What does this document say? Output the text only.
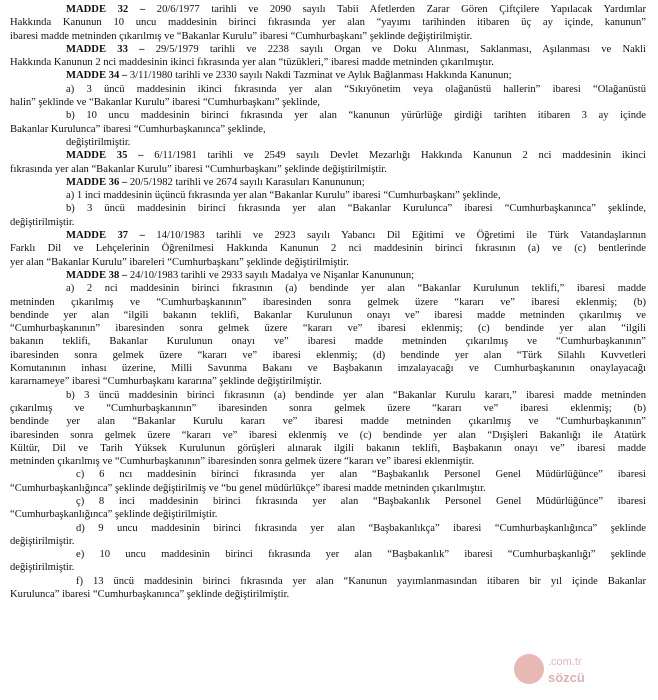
MADDE 32 – 20/6/1977 tarihli ve 2090 sayılı Tabii Afetlerden Zarar Gören Çiftçilere Yapılacak Yardımlar
Hakkında Kanunun 10 uncu maddesinin birinci fıkrasında yer alan “yayımı tarihinden itibaren üç ay içinde, kanunun”
ibaresi madde metninden çıkarılmış ve “Bakanlar Kurulu” ibaresi “Cumhurbaşkanı” şeklinde değiştirilmiştir.
MADDE 33 – 29/5/1979 tarihli ve 2238 sayılı Organ ve Doku Alınması, Saklanması, Aşılanması ve Nakli
Hakkında Kanunun 2 nci maddesinin ikinci fıkrasında yer alan “tüzükleri,” ibaresi madde metninden çıkarılmıştır.
MADDE 34 – 3/11/1980 tarihli ve 2330 sayılı Nakdi Tazminat ve Aylık Bağlanması Hakkında Kanunun;
a) 3 üncü maddesinin ikinci fıkrasında yer alan “Sıkıyönetim veya olağanüstü hallerin” ibaresi “Olağanüstü
halin” şeklinde ve “Bakanlar Kurulu” ibaresi “Cumhurbaşkanı” şeklinde,
b) 10 uncu maddesinin birinci fıkrasında yer alan “kanunun yürürlüğe girdiği tarihten itibaren 3 ay içinde
Bakanlar Kurulunca” ibaresi “Cumhurbaşkanınca” şeklinde,
değiştirilmiştir.
MADDE 35 – 6/11/1981 tarihli ve 2549 sayılı Devlet Mezarlığı Hakkında Kanunun 2 nci maddesinin ikinci
fıkrasında yer alan “Bakanlar Kurulu” ibaresi “Cumhurbaşkanı” şeklinde değiştirilmiştir.
MADDE 36 – 20/5/1982 tarihli ve 2674 sayılı Karasuları Kanununun;
a) 1 inci maddesinin üçüncü fıkrasında yer alan “Bakanlar Kurulu” ibaresi “Cumhurbaşkanı” şeklinde,
b) 3 üncü maddesinin birinci fıkrasında yer alan “Bakanlar Kurulunca” ibaresi “Cumhurbaşkanınca” şeklinde,
değiştirilmiştir.
MADDE 37 – 14/10/1983 tarihli ve 2923 sayılı Yabancı Dil Eğitimi ve Öğretimi ile Türk Vatandaşlarının
Farklı Dil ve Lehçelerinin Öğrenilmesi Hakkında Kanunun 2 nci maddesinin birinci fıkrasının (a) ve (c) bentlerinde
yer alan “Bakanlar Kurulu” ibareleri “Cumhurbaşkanı” şeklinde değiştirilmiştir.
MADDE 38 – 24/10/1983 tarihli ve 2933 sayılı Madalya ve Nişanlar Kanununun;
a) 2 nci maddesinin birinci fıkrasının (a) bendinde yer alan “Bakanlar Kurulunun teklifi,” ibaresi madde
metninden çıkarılmış ve “Cumhurbaşkanının” ibaresinden sonra gelmek üzere “kararı ve” ibaresi eklenmiş; (b)
bendinde yer alan “ilgili bakanın teklifi, Bakanlar Kurulunun onayı ve” ibaresi madde metninden çıkarılmış ve
“Cumhurbaşkanının” ibaresinden sonra gelmek üzere “kararı ve” ibaresi eklenmiş; (c) bendinde yer alan “ilgili
bakanın teklifi, Bakanlar Kurulunun onayı ve” ibaresi madde metninden çıkarılmış ve “Cumhurbaşkanının”
ibaresinden sonra gelmek üzere “kararı ve” ibaresi eklenmiş; (d) bendinde yer alan “Türk Silahlı Kuvvetleri
Komutanının inhası üzerine, Milli Savunma Bakanı ve Başbakanın imzalayacağı ve Cumhurbaşkanının onaylayacağı
kararnameye” ibaresi “Cumhurbaşkanı kararına” şeklinde değiştirilmiştir.
b) 3 üncü maddesinin birinci fıkrasının (a) bendinde yer alan “Bakanlar Kurulu kararı,” ibaresi madde metninden
çıkarılmış ve “Cumhurbaşkanının” ibaresinden sonra gelmek üzere “kararı ve” ibaresi eklenmiş; (b)
bendinde yer alan “Bakanlar Kurulu kararı ve” ibaresi madde metninden çıkarılmış ve “Cumhurbaşkanının”
ibaresinden sonra gelmek üzere “kararı ve” ibaresi eklenmiş ve (c) bendinde yer alan “Dışişleri Bakanlığı ile Atatürk
Kültür, Dil ve Tarih Yüksek Kurulunun görüşleri alınarak ilgili bakanın teklifi, Başbakanın onayı ve” ibaresi madde
metninden çıkarılmış ve “Cumhurbaşkanının” ibaresinden sonra gelmek üzere “kararı ve” ibaresi eklenmiştir.
c) 6 ncı maddesinin birinci fıkrasında yer alan “Başbakanlık Personel Genel Müdürlüğünce” ibaresi
“Cumhurbaşkanlığınca” şeklinde değiştirilmiş ve “bu genel müdürlükçe” ibaresi madde metninden çıkarılmıştır.
ç) 8 inci maddesinin birinci fıkrasında yer alan “Başbakanlık Personel Genel Müdürlüğünce” ibaresi
“Cumhurbaşkanlığınca” şeklinde değiştirilmiştir.
d) 9 uncu maddesinin birinci fıkrasında yer alan “Başbakanlıkça” ibaresi “Cumhurbaşkanlığınca” şeklinde
değiştirilmiştir.
e) 10 uncu maddesinin birinci fıkrasında yer alan “Başbakanlık” ibaresi “Cumhurbaşkanlığı” şeklinde
değiştirilmiştir.
f) 13 üncü maddesinin birinci fıkrasında yer alan “Kanunun yayımlanmasından itibaren bir yıl içinde Bakanlar
Kurulunca” ibaresi “Cumhurbaşkanınca” şeklinde değiştirilmiştir.
.com.tr
sözcü
